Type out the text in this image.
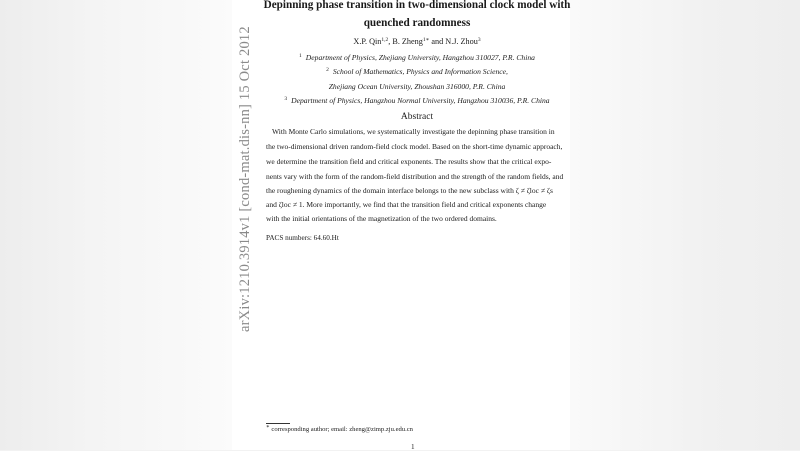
arXiv:1210.3914v1 [cond-mat.dis-nn] 15 Oct 2012
Depinning phase transition in two-dimensional clock model with
quenched randomness
X.P. Qin$^{1,2}$, B. Zheng$^{1∗}$ and N.J. Zhou$^3$
$^1$ Department of Physics, Zhejiang University, Hangzhou 310027, P.R. China
$^2$ School of Mathematics, Physics and Information Science,
Zhejiang Ocean University, Zhoushan 316000, P.R. China
$^3$ Department of Physics, Hangzhou Normal University, Hangzhou 310036, P.R. China
Abstract
With Monte Carlo simulations, we systematically investigate the depinning phase transition in
the two-dimensional driven random-field clock model. Based on the short-time dynamic approach,
we determine the transition field and critical exponents. The results show that the critical expo-
nents vary with the form of the random-field distribution and the strength of the random fields, and
the roughening dynamics of the domain interface belongs to the new subclass with ζ ≠ ζloc ≠ ζs
and ζloc ≠ 1. More importantly, we find that the transition field and critical exponents change
with the initial orientations of the magnetization of the two ordered domains.
PACS numbers: 64.60.Ht
∗ corresponding author; email: zheng@zimp.zju.edu.cn
1
